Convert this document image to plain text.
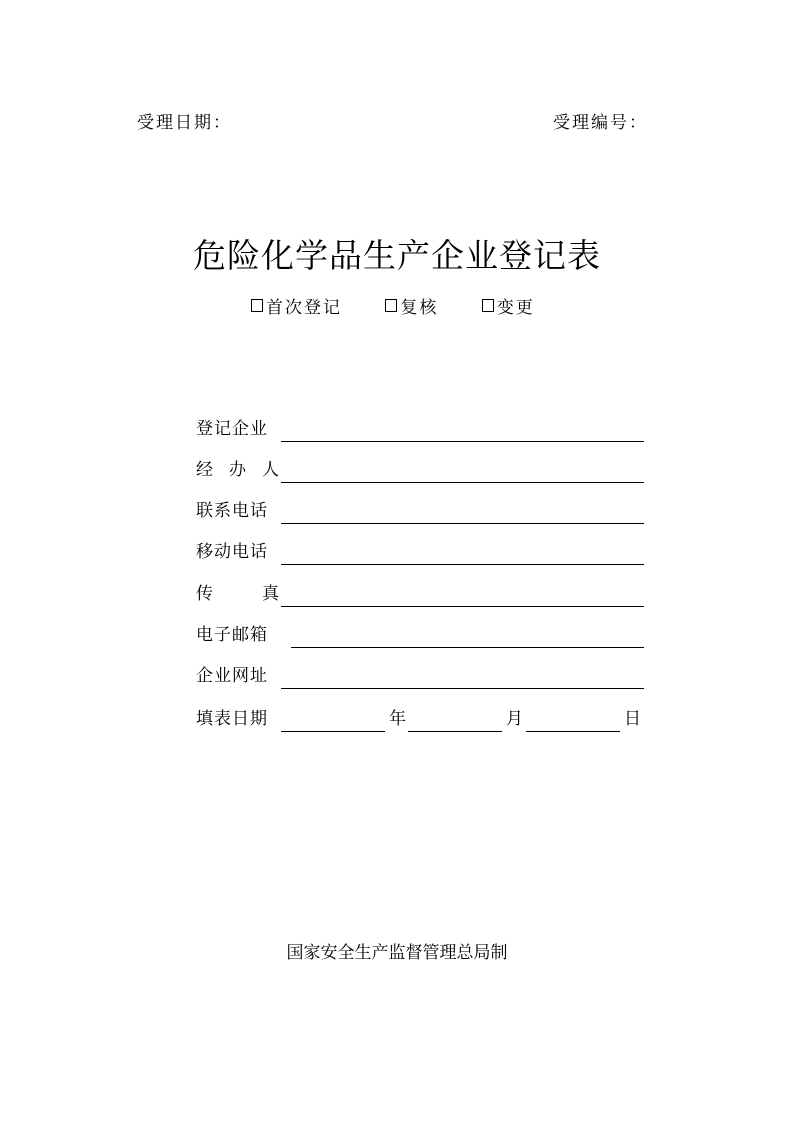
受理日期：	受理编号：
危险化学品生产企业登记表
首次登记
	复核
	变更
登记企业
经 办 人
联系电话
移动电话
传 真
电子邮箱
企业网址
填表日期	年	月	日
国家安全生产监督管理总局制
